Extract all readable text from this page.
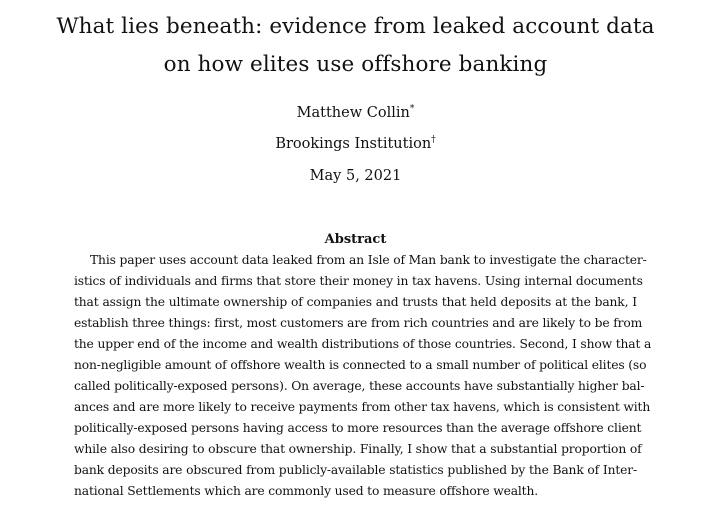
What lies beneath: evidence from leaked account data
on how elites use offshore banking
Matthew Collin*
Brookings Institution†
May 5, 2021
Abstract
This paper uses account data leaked from an Isle of Man bank to investigate the character-
istics of individuals and firms that store their money in tax havens. Using internal documents
that assign the ultimate ownership of companies and trusts that held deposits at the bank, I
establish three things: first, most customers are from rich countries and are likely to be from
the upper end of the income and wealth distributions of those countries. Second, I show that a
non-negligible amount of offshore wealth is connected to a small number of political elites (so
called politically-exposed persons). On average, these accounts have substantially higher bal-
ances and are more likely to receive payments from other tax havens, which is consistent with
politically-exposed persons having access to more resources than the average offshore client
while also desiring to obscure that ownership. Finally, I show that a substantial proportion of
bank deposits are obscured from publicly-available statistics published by the Bank of Inter-
national Settlements which are commonly used to measure offshore wealth.
